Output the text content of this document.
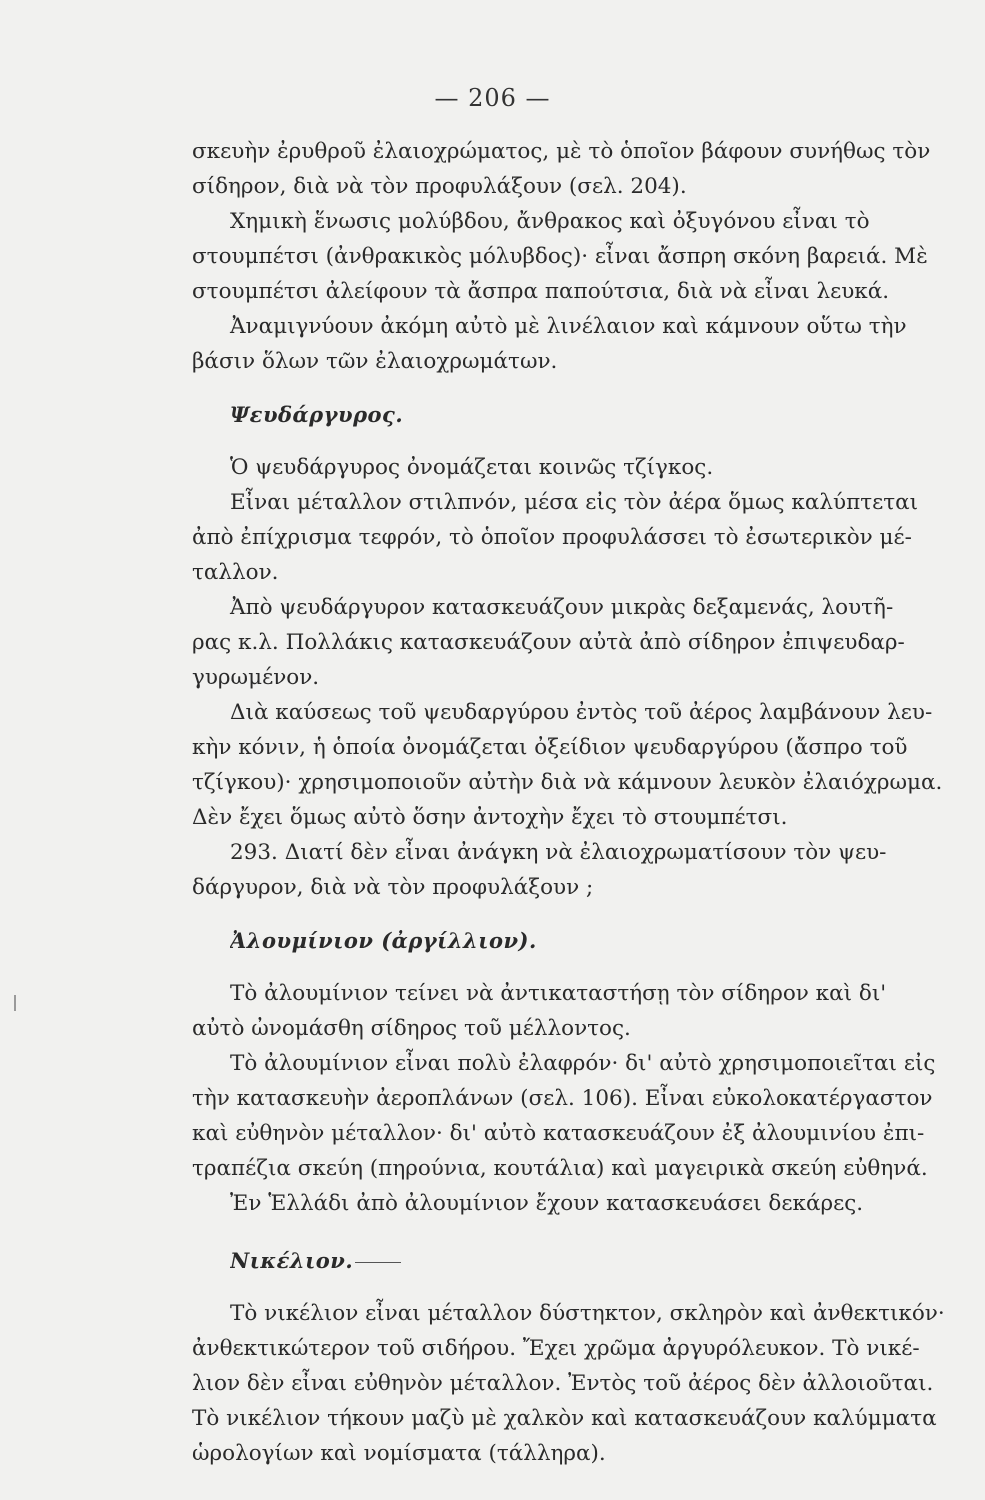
— 206 —
σκευὴν ἐρυθροῦ ἐλαιοχρώματος, μὲ τὸ ὁποῖον βάφουν συνήθως τὸν
σίδηρον, διὰ νὰ τὸν προφυλάξουν (σελ. 204).
Χημικὴ ἕνωσις μολύβδου, ἄνθρακος καὶ ὀξυγόνου εἶναι τὸ
στουμπέτσι (ἀνθρακικὸς μόλυβδος)· εἶναι ἄσπρη σκόνη βαρειά. Μὲ
στουμπέτσι ἀλείφουν τὰ ἄσπρα παπούτσια, διὰ νὰ εἶναι λευκά.
Ἀναμιγνύουν ἀκόμη αὐτὸ μὲ λινέλαιον καὶ κάμνουν οὕτω τὴν
βάσιν ὅλων τῶν ἐλαιοχρωμάτων.
Ψευδάργυρος.
Ὁ ψευδάργυρος ὀνομάζεται κοινῶς τζίγκος.
Εἶναι μέταλλον στιλπνόν, μέσα εἰς τὸν ἀέρα ὅμως καλύπτεται
ἀπὸ ἐπίχρισμα τεφρόν, τὸ ὁποῖον προφυλάσσει τὸ ἐσωτερικὸν μέ-
ταλλον.
Ἀπὸ ψευδάργυρον κατασκευάζουν μικρὰς δεξαμενάς, λουτῆ-
ρας κ.λ. Πολλάκις κατασκευάζουν αὐτὰ ἀπὸ σίδηρον ἐπιψευδαρ-
γυρωμένον.
Διὰ καύσεως τοῦ ψευδαργύρου ἐντὸς τοῦ ἀέρος λαμβάνουν λευ-
κὴν κόνιν, ἡ ὁποία ὀνομάζεται ὀξείδιον ψευδαργύρου (ἄσπρο τοῦ
τζίγκου)· χρησιμοποιοῦν αὐτὴν διὰ νὰ κάμνουν λευκὸν ἐλαιόχρωμα.
Δὲν ἔχει ὅμως αὐτὸ ὅσην ἀντοχὴν ἔχει τὸ στουμπέτσι.
293. Διατί δὲν εἶναι ἀνάγκη νὰ ἐλαιοχρωματίσουν τὸν ψευ-
δάργυρον, διὰ νὰ τὸν προφυλάξουν ;
Ἀλουμίνιον (ἀργίλλιον).
Τὸ ἀλουμίνιον τείνει νὰ ἀντικαταστήσῃ τὸν σίδηρον καὶ δι'
αὐτὸ ὠνομάσθη σίδηρος τοῦ μέλλοντος.
Τὸ ἀλουμίνιον εἶναι πολὺ ἐλαφρόν· δι' αὐτὸ χρησιμοποιεῖται εἰς
τὴν κατασκευὴν ἀεροπλάνων (σελ. 106). Εἶναι εὐκολοκατέργαστον
καὶ εὐθηνὸν μέταλλον· δι' αὐτὸ κατασκευάζουν ἐξ ἀλουμινίου ἐπι-
τραπέζια σκεύη (πηρούνια, κουτάλια) καὶ μαγειρικὰ σκεύη εὐθηνά.
Ἐν Ἑλλάδι ἀπὸ ἀλουμίνιον ἔχουν κατασκευάσει δεκάρες.
Νικέλιον.
Τὸ νικέλιον εἶναι μέταλλον δύστηκτον, σκληρὸν καὶ ἀνθεκτικόν·
ἀνθεκτικώτερον τοῦ σιδήρου. Ἔχει χρῶμα ἀργυρόλευκον. Τὸ νικέ-
λιον δὲν εἶναι εὐθηνὸν μέταλλον. Ἐντὸς τοῦ ἀέρος δὲν ἀλλοιοῦται.
Τὸ νικέλιον τήκουν μαζὺ μὲ χαλκὸν καὶ κατασκευάζουν καλύμματα
ὡρολογίων καὶ νομίσματα (τάλληρα).
